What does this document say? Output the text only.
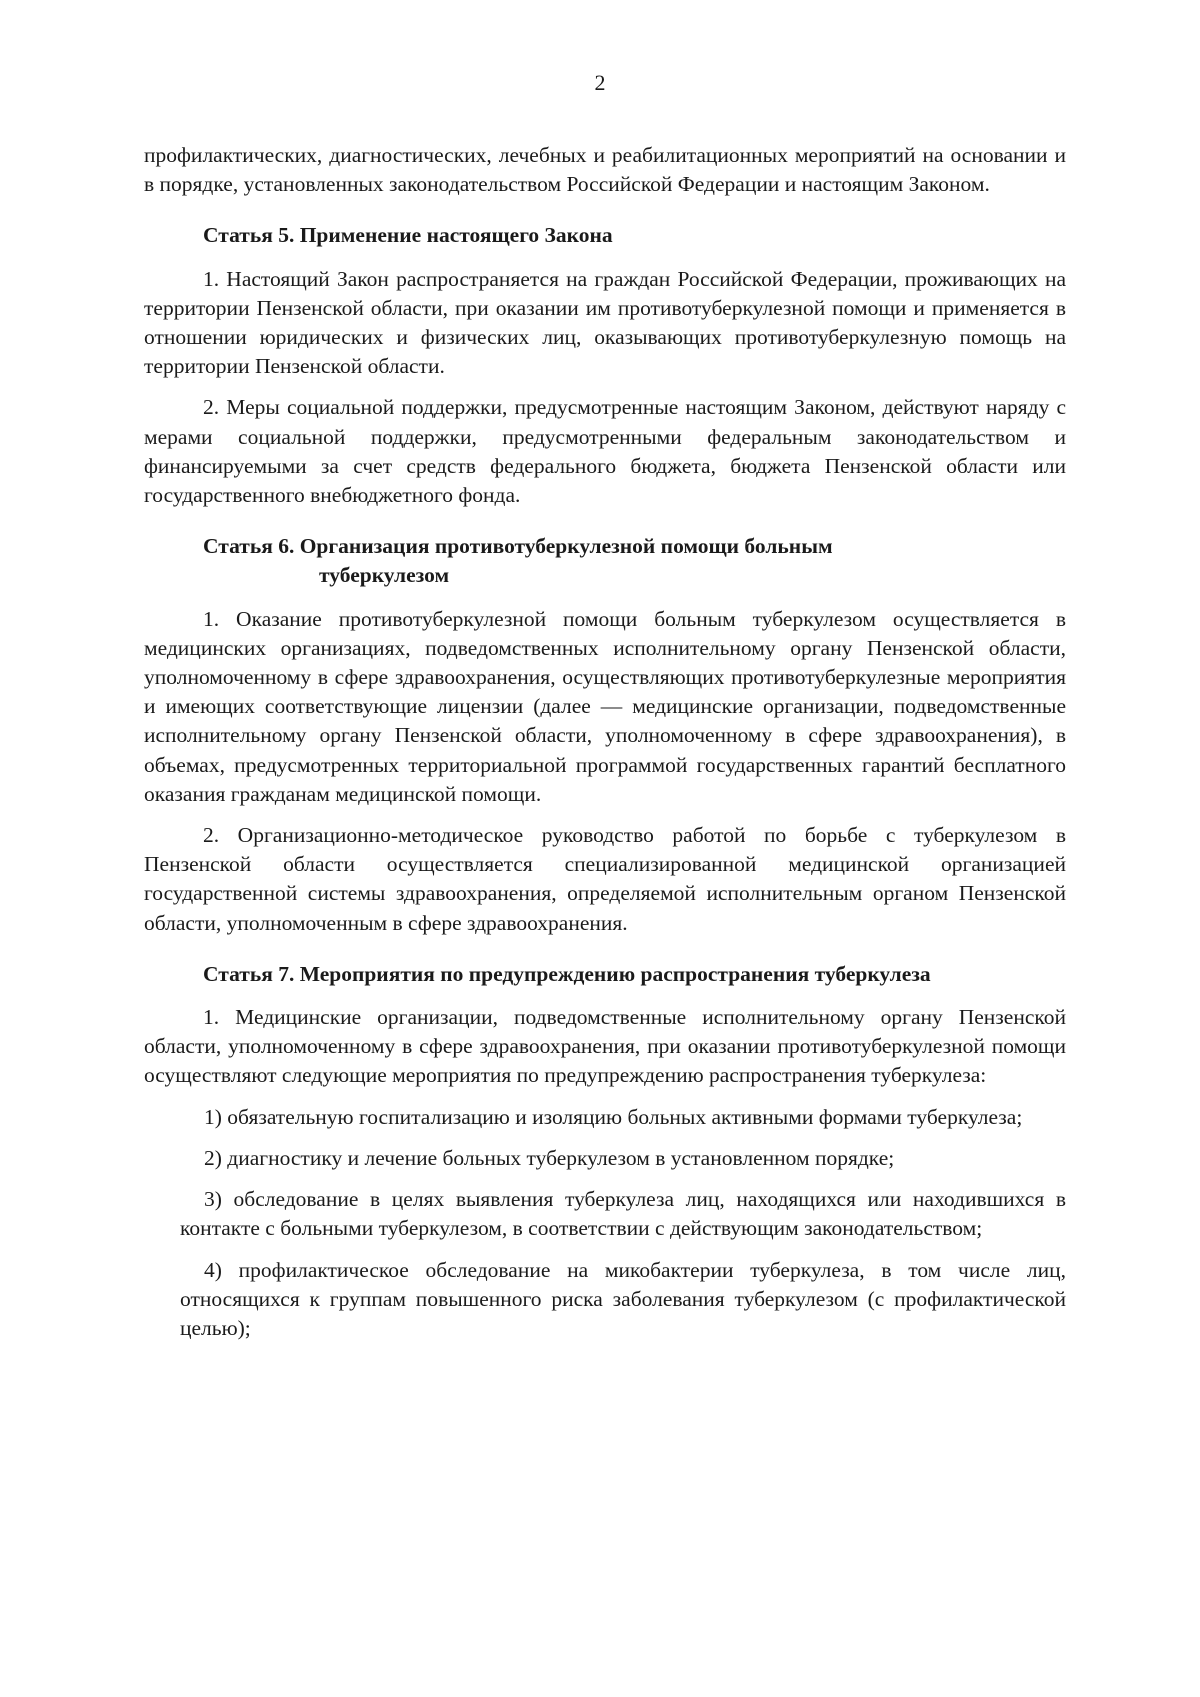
2

профилактических, диагностических, лечебных и реабилитационных мероприятий на основании и в порядке, установленных законодательством Российской Федерации и настоящим Законом.

Статья 5. Применение настоящего Закона

1. Настоящий Закон распространяется на граждан Российской Федерации, проживающих на территории Пензенской области, при оказании им противотуберкулезной помощи и применяется в отношении юридических и физических лиц, оказывающих противотуберкулезную помощь на территории Пензенской области.

2. Меры социальной поддержки, предусмотренные настоящим Законом, действуют наряду с мерами социальной поддержки, предусмотренными федеральным законодательством и финансируемыми за счет средств федерального бюджета, бюджета Пензенской области или государственного внебюджетного фонда.

Статья 6. Организация противотуберкулезной помощи больным
туберкулезом

1. Оказание противотуберкулезной помощи больным туберкулезом осуществляется в медицинских организациях, подведомственных исполнительному органу Пензенской области, уполномоченному в сфере здравоохранения, осуществляющих противотуберкулезные мероприятия и имеющих соответствующие лицензии (далее — медицинские организации, подведомственные исполнительному органу Пензенской области, уполномоченному в сфере здравоохранения), в объемах, предусмотренных территориальной программой государственных гарантий бесплатного оказания гражданам медицинской помощи.

2. Организационно-методическое руководство работой по борьбе с туберкулезом в Пензенской области осуществляется специализированной медицинской организацией государственной системы здравоохранения, определяемой исполнительным органом Пензенской области, уполномоченным в сфере здравоохранения.

Статья 7. Мероприятия по предупреждению распространения туберкулеза

1. Медицинские организации, подведомственные исполнительному органу Пензенской области, уполномоченному в сфере здравоохранения, при оказании противотуберкулезной помощи осуществляют следующие мероприятия по предупреждению распространения туберкулеза:

1) обязательную госпитализацию и изоляцию больных активными формами туберкулеза;

2) диагностику и лечение больных туберкулезом в установленном порядке;

3) обследование в целях выявления туберкулеза лиц, находящихся или находившихся в контакте с больными туберкулезом, в соответствии с действующим законодательством;

4) профилактическое обследование на микобактерии туберкулеза, в том числе лиц, относящихся к группам повышенного риска заболевания туберкулезом (с профилактической целью);
